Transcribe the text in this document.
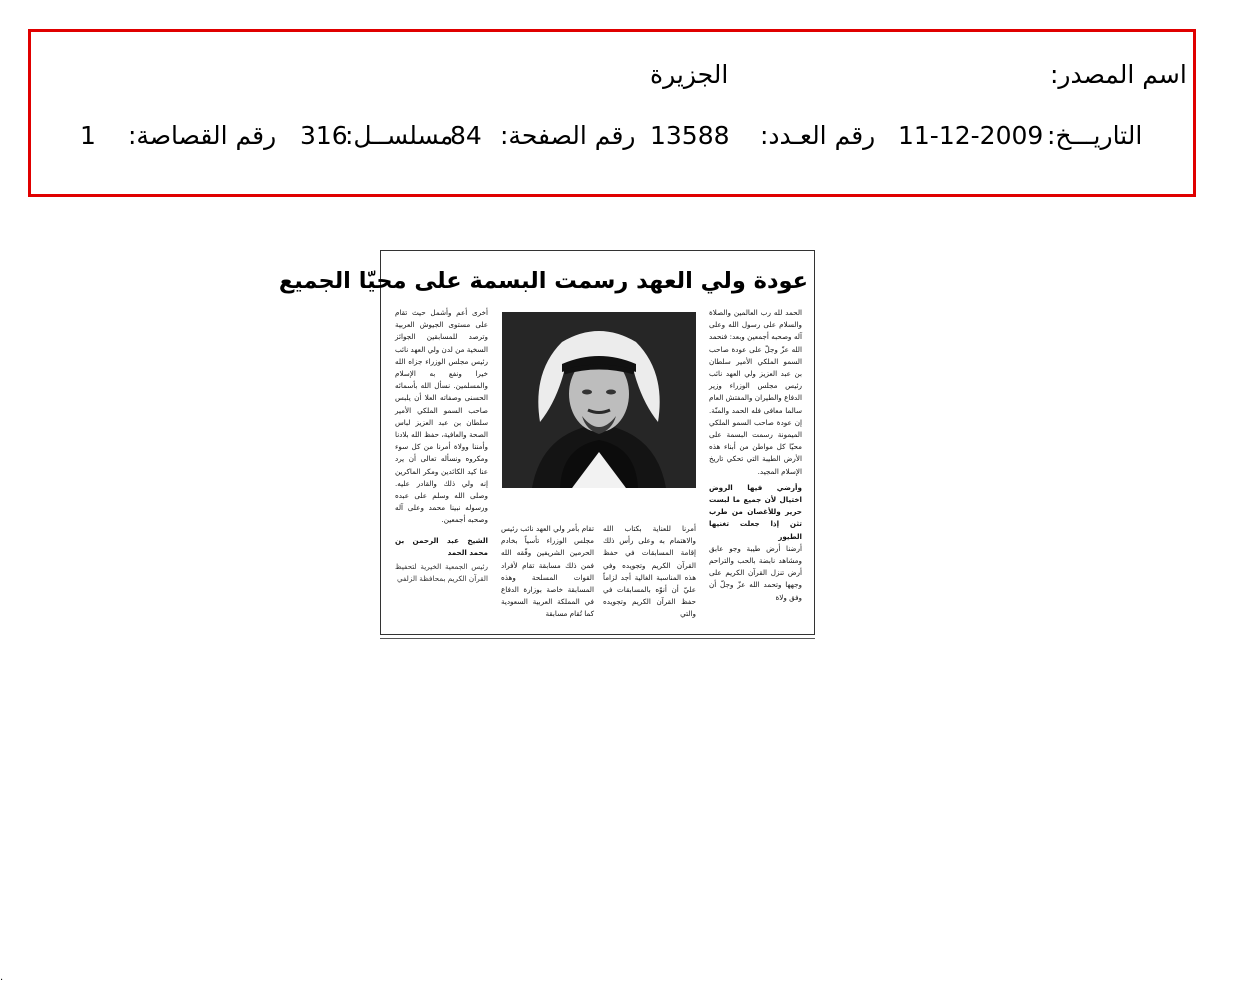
اسم المصدر:
الجزيرة
التاريـــخ:
11-12-2009
رقم العـدد:
13588
رقم الصفحة:
84
مسلســل:
316
رقم القصاصة:
1
عودة ولي العهد رسمت البسمة على محيّا الجميع

الحمد لله رب العالمين والصلاة والسلام على رسول الله وعلى آله وصحبه أجمعين وبعد: فنحمد الله عزّ وجلّ على عودة صاحب السمو الملكي الأمير سلطان بن عبد العزيز ولي العهد نائب رئيس مجلس الوزراء وزير الدفاع والطيران والمفتش العام سالما معافى فله الحمد والمنّة. إن عودة صاحب السمو الملكي الميمونة رسمت البسمة على محيّا كل مواطن من أبناء هذه الأرض الطيبة التي تحكي تاريخ الإسلام المجيد.

وأرضي فيها الروض اختيال لأن جميع ما لبست حرير وللأغصان من طرب تثن إذا جعلت تغنيها الطيور

أرضنا أرض طيبة وجو عابق ومشاهد نابضة بالحب والتراحم أرض تنزل القرآن الكريم على وجهها وتحمد الله عزّ وجلّ أن وفق ولاة

أمرنا للعناية بكتاب الله والاهتمام به وعلى رأس ذلك إقامة المسابقات في حفظ القرآن الكريم وتجويده وفي هذه المناسبة الغالية أجد لزاماً عليّ أن أنوّه بالمسابقات في حفظ القرآن الكريم وتجويده والتي

تقام بأمر ولي العهد نائب رئيس مجلس الوزراء تأسياً بخادم الحرمين الشريفين وفّقه الله فمن ذلك مسابقة تقام لأفراد القوات المسلحة وهذه المسابقة خاصة بوزارة الدفاع في المملكة العربية السعودية كما تُقام مسابقة

أخرى أعم وأشمل حيث تقام على مستوى الجيوش العربية وترصد للمسابقين الجوائز السخية من لدن ولي العهد نائب رئيس مجلس الوزراء جزاه الله خيرا ونفع به الإسلام والمسلمين. نسأل الله بأسمائه الحسنى وصفاته العلا أن يلبس صاحب السمو الملكي الأمير سلطان بن عبد العزيز لباس الصحة والعافية، حفظ الله بلادنا وأمننا وولاة أمرنا من كل سوء ومكروه ونسأله تعالى أن يرد عنا كيد الكائدين ومكر الماكرين إنه ولي ذلك والقادر عليه. وصلى الله وسلم على عبده ورسوله نبينا محمد وعلى آله وصحبه أجمعين.

الشيخ عبد الرحمن بن محمد الحمد

رئيس الجمعية الخيرية لتحفيظ القرآن الكريم بمحافظة الزلفي

.
